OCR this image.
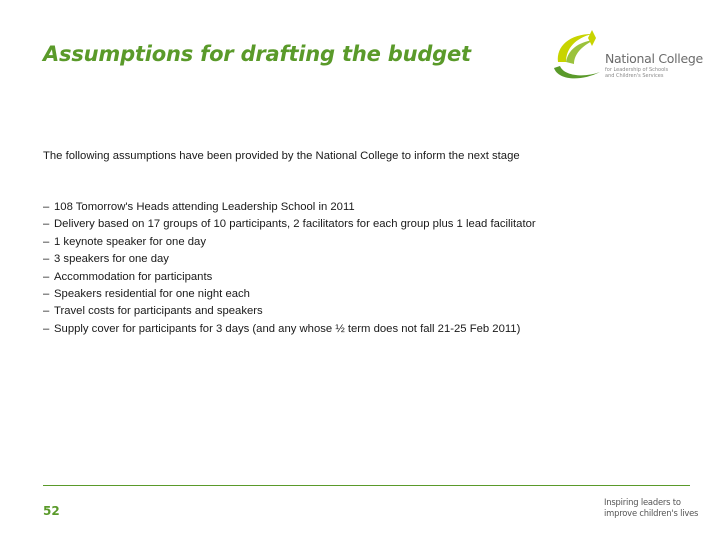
Assumptions for drafting the budget	National College
for Leadership of Schools and Children's Services
The following assumptions have been provided by the National College to inform the next stage
– 108 Tomorrow's Heads attending Leadership School in 2011
– Delivery based on 17 groups of 10 participants, 2 facilitators for each group plus 1 lead facilitator
– 1 keynote speaker for one day
– 3 speakers for one day
– Accommodation for participants
– Speakers residential for one night each
– Travel costs for participants and speakers
– Supply cover for participants for 3 days (and any whose ½ term does not fall 21-25 Feb 2011)
52
Inspiring leaders to
improve children's lives
